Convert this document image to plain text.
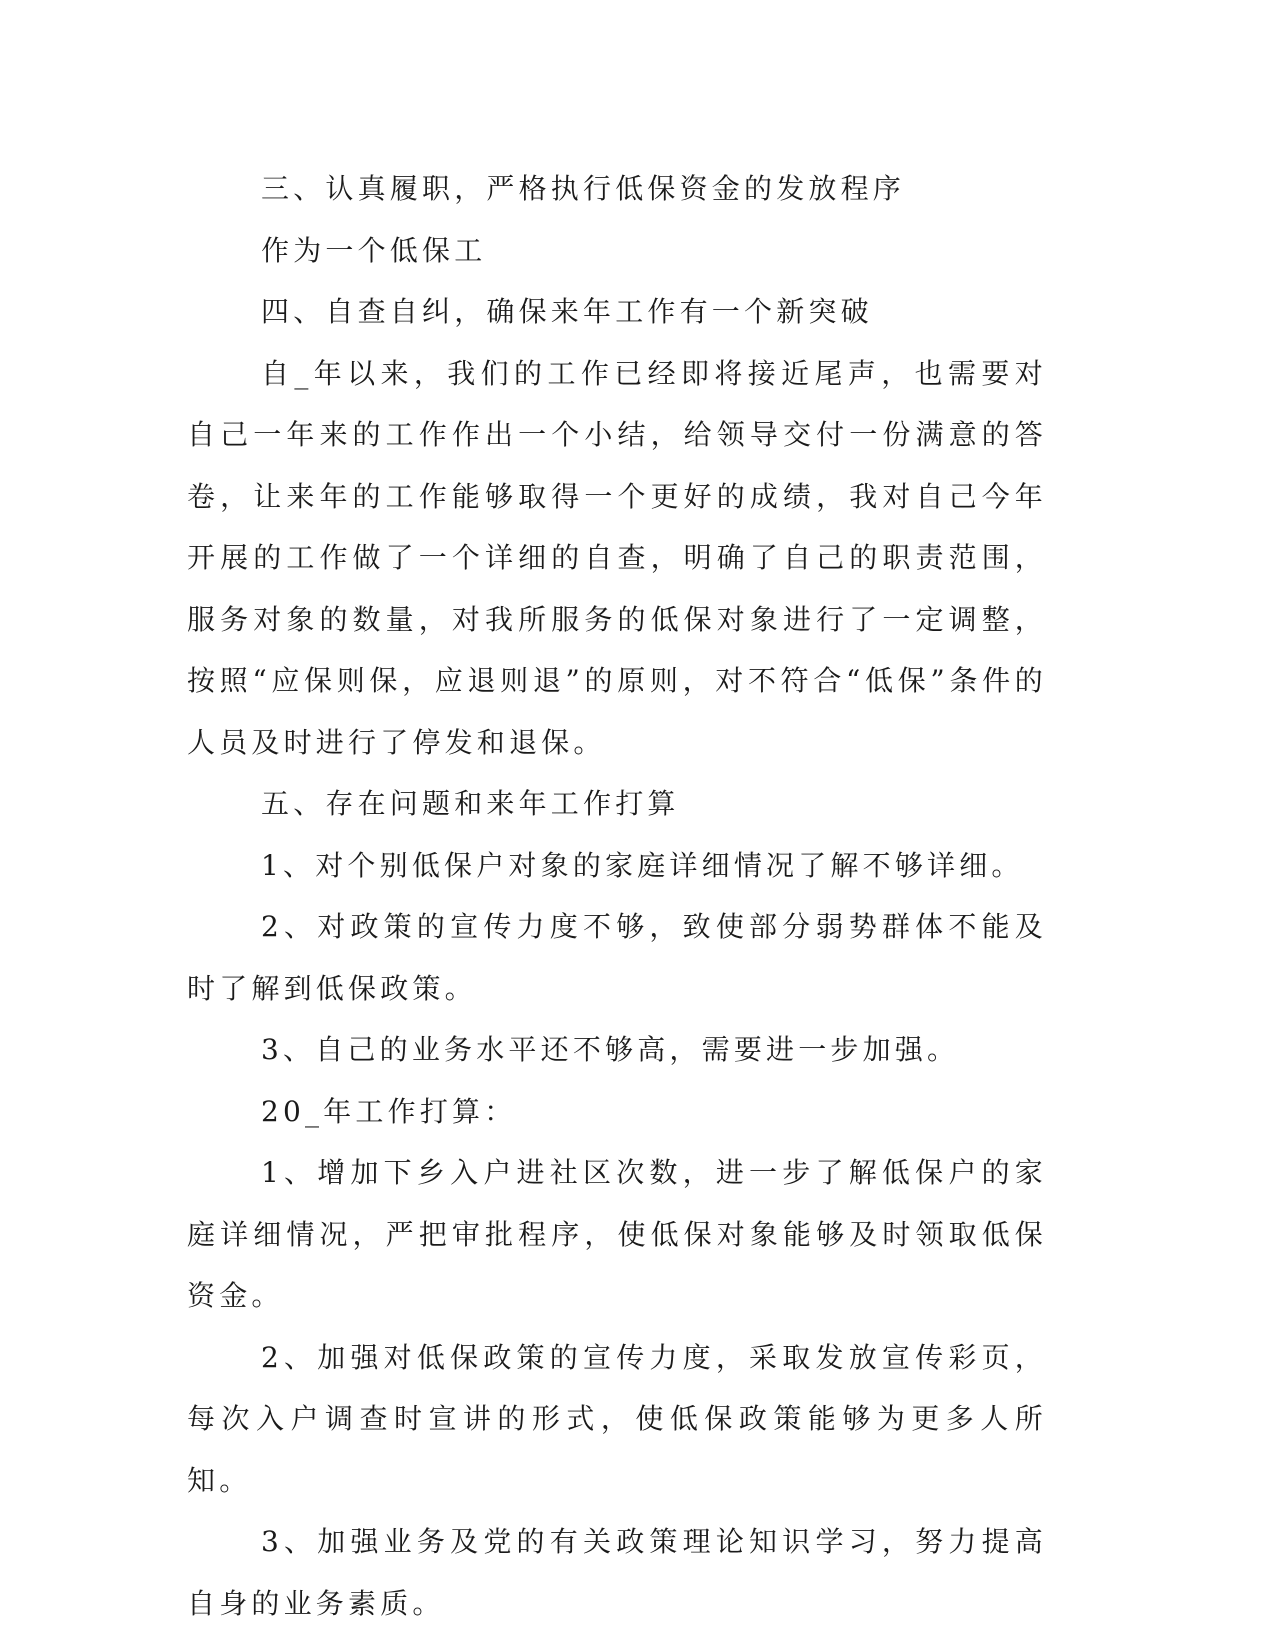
三、认真履职，严格执行低保资金的发放程序

作为一个低保工

四、自查自纠，确保来年工作有一个新突破

自_年以来，我们的工作已经即将接近尾声，也需要对自己一年来的工作作出一个小结，给领导交付一份满意的答卷，让来年的工作能够取得一个更好的成绩，我对自己今年开展的工作做了一个详细的自查，明确了自己的职责范围，服务对象的数量，对我所服务的低保对象进行了一定调整，按照“应保则保，应退则退”的原则，对不符合“低保”条件的人员及时进行了停发和退保。

五、存在问题和来年工作打算

1、对个别低保户对象的家庭详细情况了解不够详细。

2、对政策的宣传力度不够，致使部分弱势群体不能及时了解到低保政策。

3、自己的业务水平还不够高，需要进一步加强。

20_年工作打算：

1、增加下乡入户进社区次数，进一步了解低保户的家庭详细情况，严把审批程序，使低保对象能够及时领取低保资金。

2、加强对低保政策的宣传力度，采取发放宣传彩页，每次入户调查时宣讲的形式，使低保政策能够为更多人所知。

3、加强业务及党的有关政策理论知识学习，努力提高自身的业务素质。
